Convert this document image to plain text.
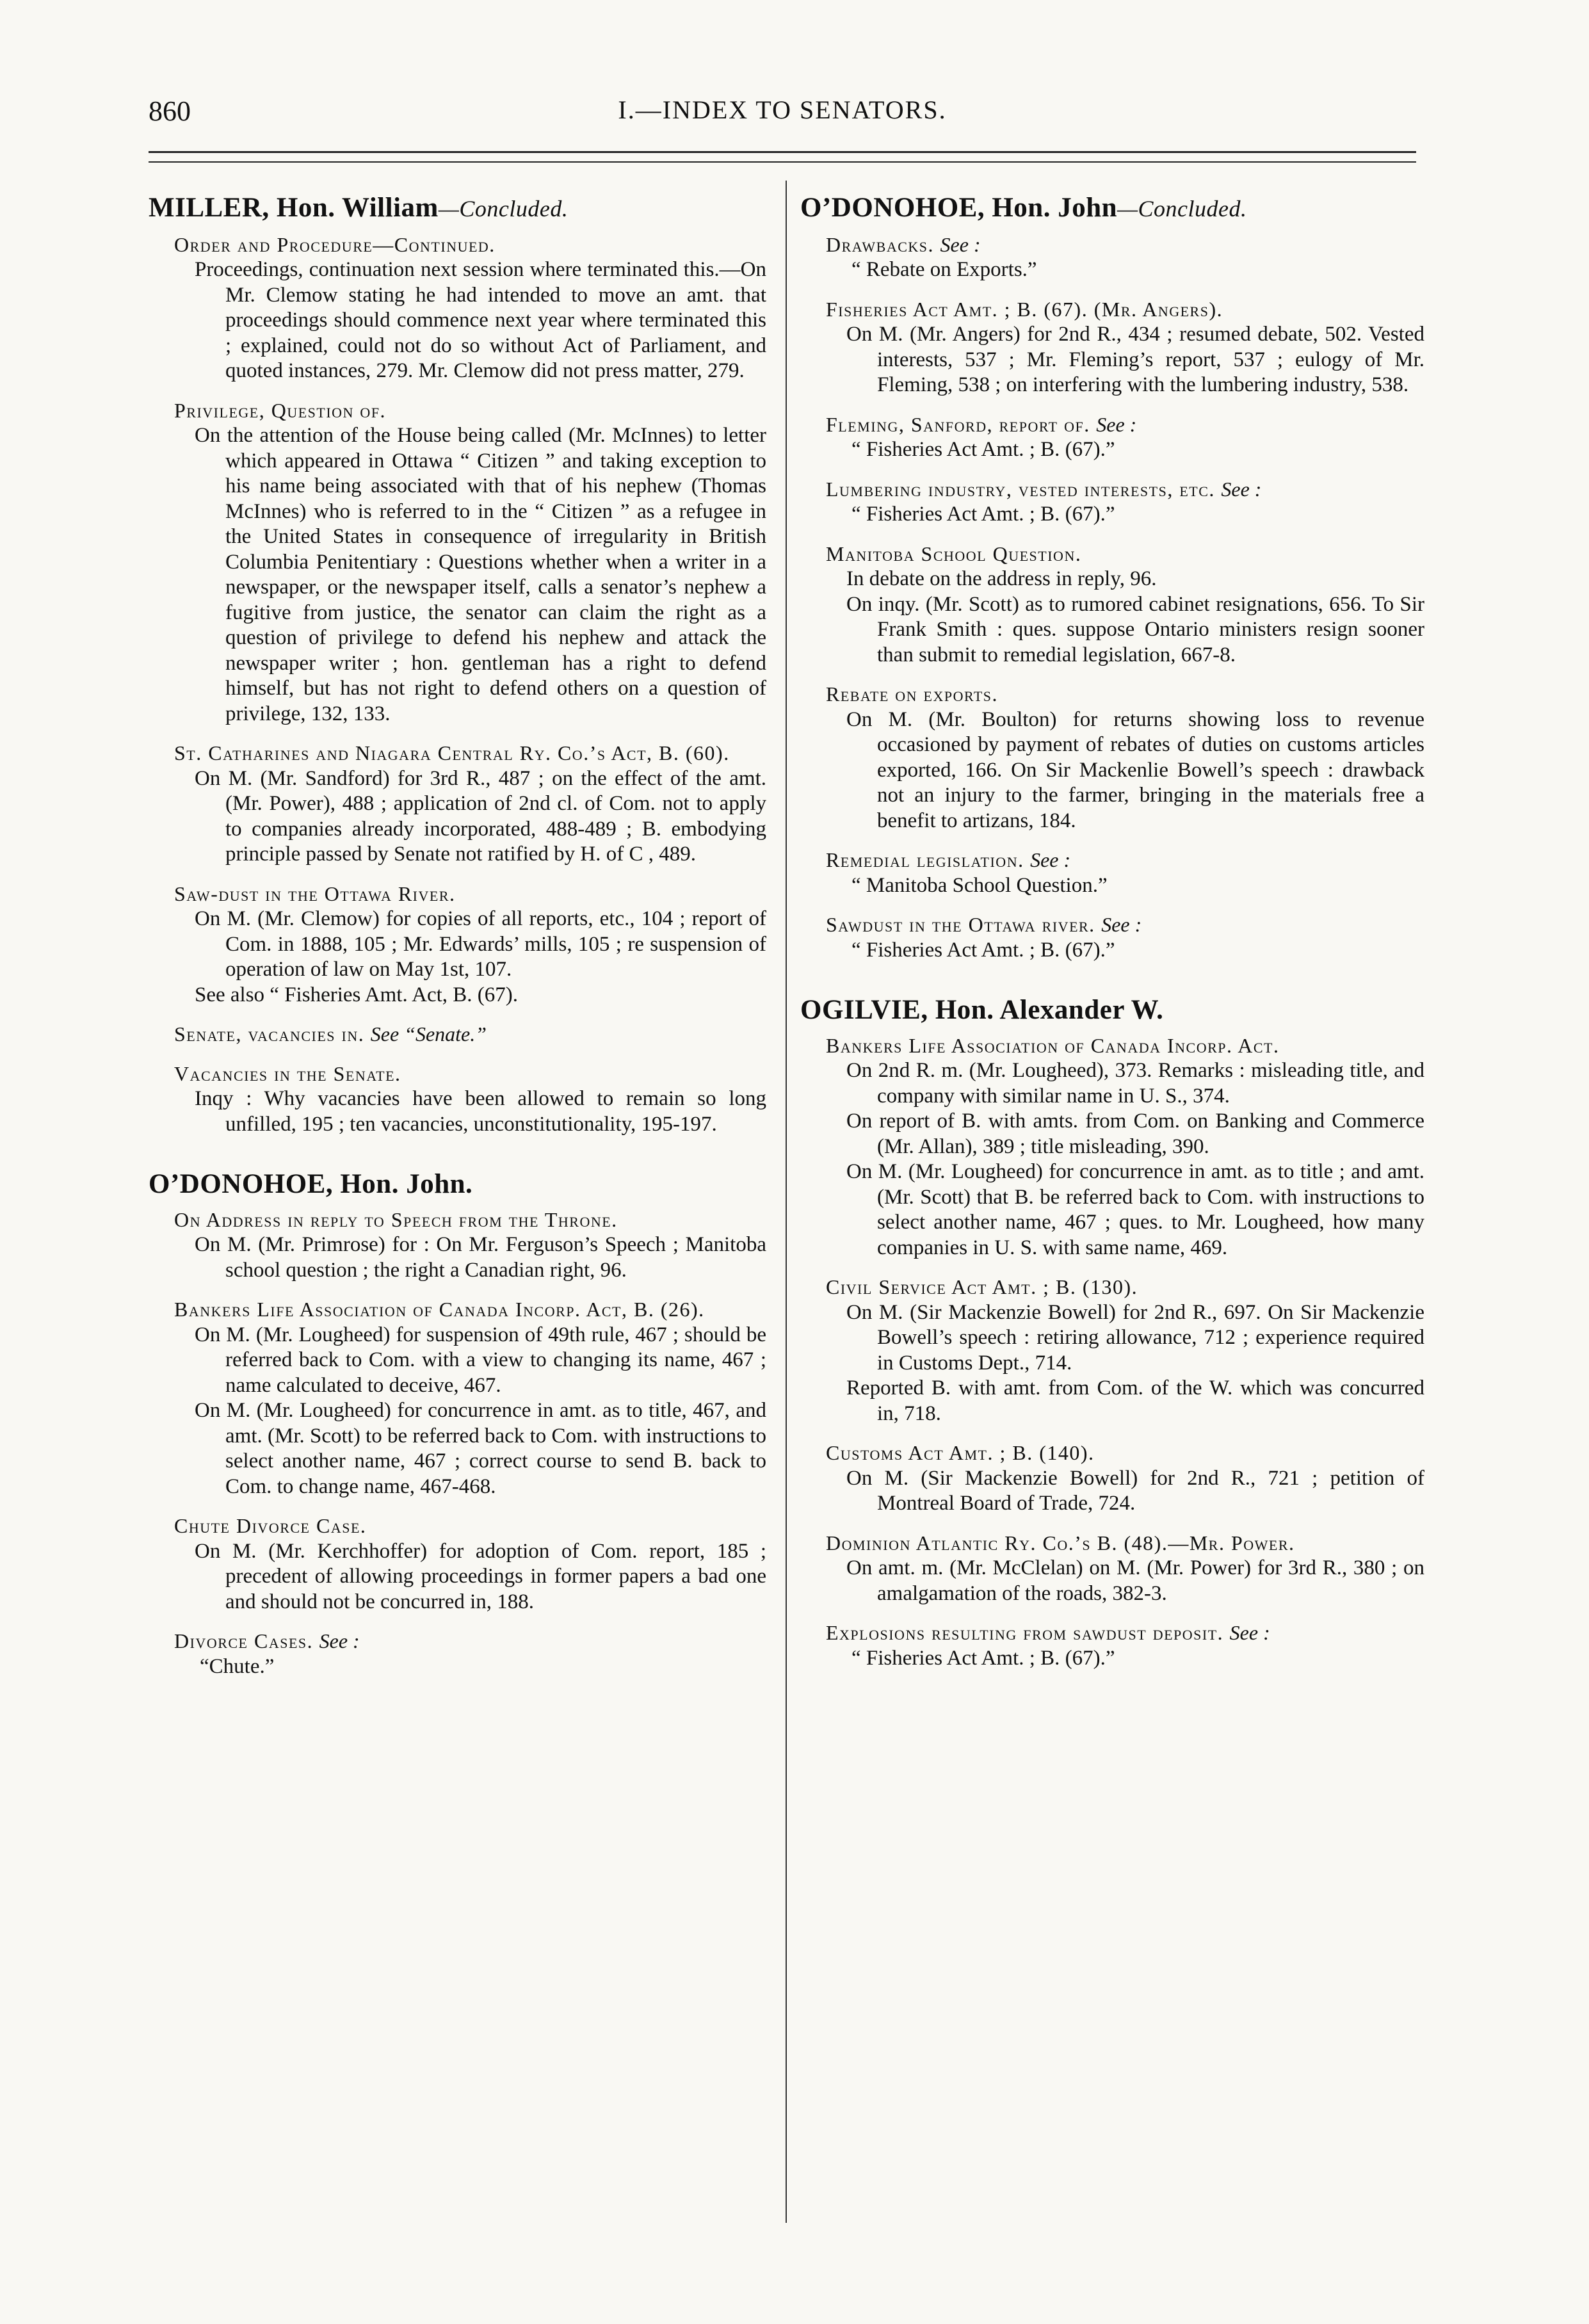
860	I.—INDEX TO SENATORS.
MILLER, Hon. William—Concluded.
Order and Procedure—Continued.
Proceedings, continuation next session where terminated this.—On Mr. Clemow stating he had intended to move an amt. that proceedings should commence next year where terminated this ; explained, could not do so without Act of Parliament, and quoted instances, 279. Mr. Clemow did not press matter, 279.
Privilege, Question of.
On the attention of the House being called (Mr. McInnes) to letter which appeared in Ottawa “ Citizen ” and taking exception to his name being associated with that of his nephew (Thomas McInnes) who is referred to in the “ Citizen ” as a refugee in the United States in consequence of irregularity in British Columbia Penitentiary : Questions whether when a writer in a newspaper, or the newspaper itself, calls a senator’s nephew a fugitive from justice, the senator can claim the right as a question of privilege to defend his nephew and attack the newspaper writer ; hon. gentleman has a right to defend himself, but has not right to defend others on a question of privilege, 132, 133.
St. Catharines and Niagara Central Ry. Co.’s Act, B. (60).
On M. (Mr. Sandford) for 3rd R., 487 ; on the effect of the amt. (Mr. Power), 488 ; application of 2nd cl. of Com. not to apply to companies already incorporated, 488-489 ; B. embodying principle passed by Senate not ratified by H. of C , 489.
Saw-dust in the Ottawa River.
On M. (Mr. Clemow) for copies of all reports, etc., 104 ; report of Com. in 1888, 105 ; Mr. Edwards’ mills, 105 ; re suspension of operation of law on May 1st, 107.
See also “ Fisheries Amt. Act, B. (67).
Senate, vacancies in. See “Senate.”
Vacancies in the Senate.
Inqy : Why vacancies have been allowed to remain so long unfilled, 195 ; ten vacancies, unconstitutionality, 195-197.
O’DONOHOE, Hon. John.
On Address in reply to Speech from the Throne.
On M. (Mr. Primrose) for : On Mr. Ferguson’s Speech ; Manitoba school question ; the right a Canadian right, 96.
Bankers Life Association of Canada Incorp. Act, B. (26).
On M. (Mr. Lougheed) for suspension of 49th rule, 467 ; should be referred back to Com. with a view to changing its name, 467 ; name calculated to deceive, 467.
On M. (Mr. Lougheed) for concurrence in amt. as to title, 467, and amt. (Mr. Scott) to be referred back to Com. with instructions to select another name, 467 ; correct course to send B. back to Com. to change name, 467-468.
Chute Divorce Case.
On M. (Mr. Kerchhoffer) for adoption of Com. report, 185 ; precedent of allowing proceedings in former papers a bad one and should not be concurred in, 188.
Divorce Cases. See :
“Chute.”
O’DONOHOE, Hon. John—Concluded.
Drawbacks. See :
“ Rebate on Exports.”
Fisheries Act Amt. ; B. (67). (Mr. Angers).
On M. (Mr. Angers) for 2nd R., 434 ; resumed debate, 502. Vested interests, 537 ; Mr. Fleming’s report, 537 ; eulogy of Mr. Fleming, 538 ; on interfering with the lumbering industry, 538.
Fleming, Sanford, report of. See :
“ Fisheries Act Amt. ; B. (67).”
Lumbering industry, vested interests, etc. See :
“ Fisheries Act Amt. ; B. (67).”
Manitoba School Question.
In debate on the address in reply, 96.
On inqy. (Mr. Scott) as to rumored cabinet resignations, 656. To Sir Frank Smith : ques. suppose Ontario ministers resign sooner than submit to remedial legislation, 667-8.
Rebate on exports.
On M. (Mr. Boulton) for returns showing loss to revenue occasioned by payment of rebates of duties on customs articles exported, 166. On Sir Mackenlie Bowell’s speech : drawback not an injury to the farmer, bringing in the materials free a benefit to artizans, 184.
Remedial legislation. See :
“ Manitoba School Question.”
Sawdust in the Ottawa river. See :
“ Fisheries Act Amt. ; B. (67).”
OGILVIE, Hon. Alexander W.
Bankers Life Association of Canada Incorp. Act.
On 2nd R. m. (Mr. Lougheed), 373. Remarks : misleading title, and company with similar name in U. S., 374.
On report of B. with amts. from Com. on Banking and Commerce (Mr. Allan), 389 ; title misleading, 390.
On M. (Mr. Lougheed) for concurrence in amt. as to title ; and amt. (Mr. Scott) that B. be referred back to Com. with instructions to select another name, 467 ; ques. to Mr. Lougheed, how many companies in U. S. with same name, 469.
Civil Service Act Amt. ; B. (130).
On M. (Sir Mackenzie Bowell) for 2nd R., 697. On Sir Mackenzie Bowell’s speech : retiring allowance, 712 ; experience required in Customs Dept., 714.
Reported B. with amt. from Com. of the W. which was concurred in, 718.
Customs Act Amt. ; B. (140).
On M. (Sir Mackenzie Bowell) for 2nd R., 721 ; petition of Montreal Board of Trade, 724.
Dominion Atlantic Ry. Co.’s B. (48).—Mr. Power.
On amt. m. (Mr. McClelan) on M. (Mr. Power) for 3rd R., 380 ; on amalgamation of the roads, 382-3.
Explosions resulting from sawdust deposit. See :
“ Fisheries Act Amt. ; B. (67).”
